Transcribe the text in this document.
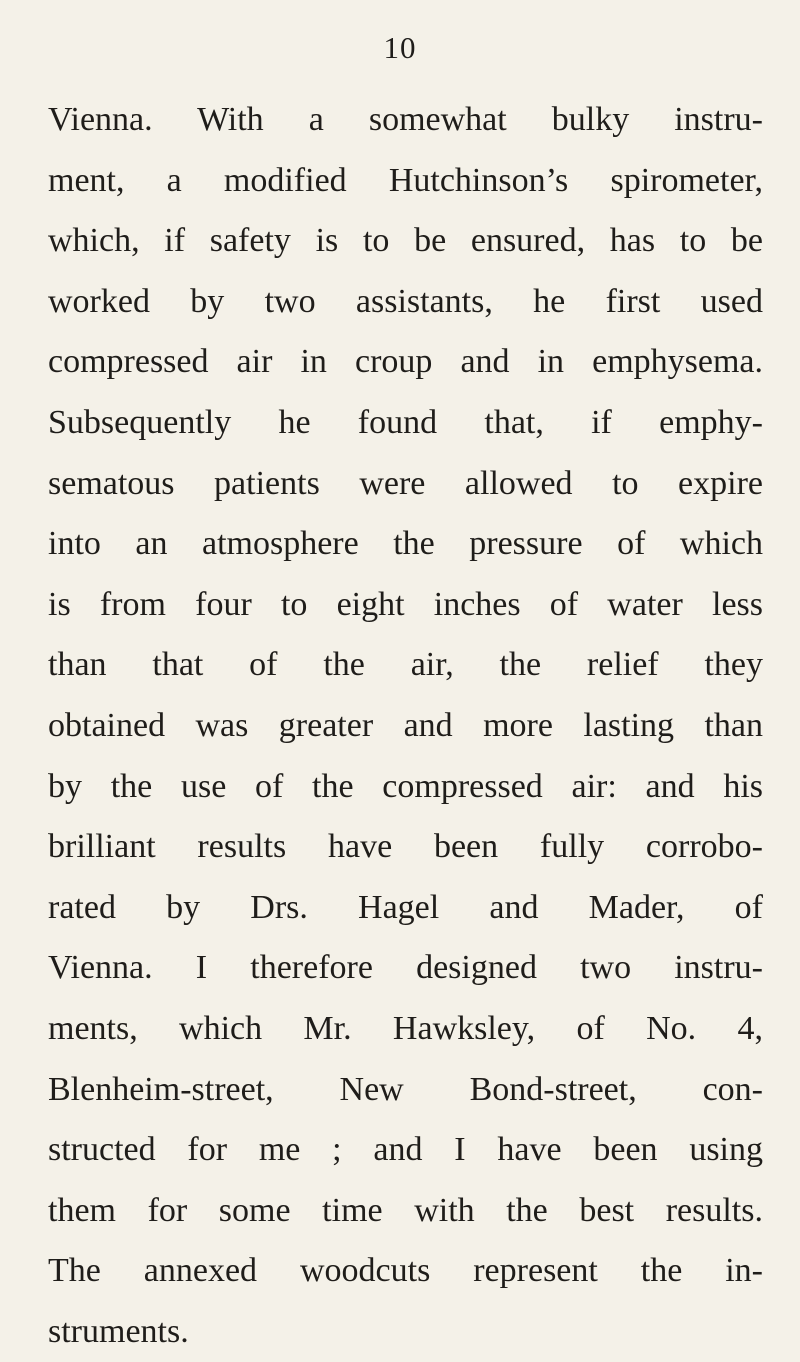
10
Vienna. With a somewhat bulky instru-
ment, a modified Hutchinson’s spirometer,
which, if safety is to be ensured, has to be
worked by two assistants, he first used
compressed air in croup and in emphysema.
Subsequently he found that, if emphy-
sematous patients were allowed to expire
into an atmosphere the pressure of which
is from four to eight inches of water less
than that of the air, the relief they
obtained was greater and more lasting than
by the use of the compressed air: and his
brilliant results have been fully corrobo-
rated by Drs. Hagel and Mader, of
Vienna. I therefore designed two instru-
ments, which Mr. Hawksley, of No. 4,
Blenheim-street, New Bond-street, con-
structed for me ; and I have been using
them for some time with the best results.
The annexed woodcuts represent the in-
struments.
